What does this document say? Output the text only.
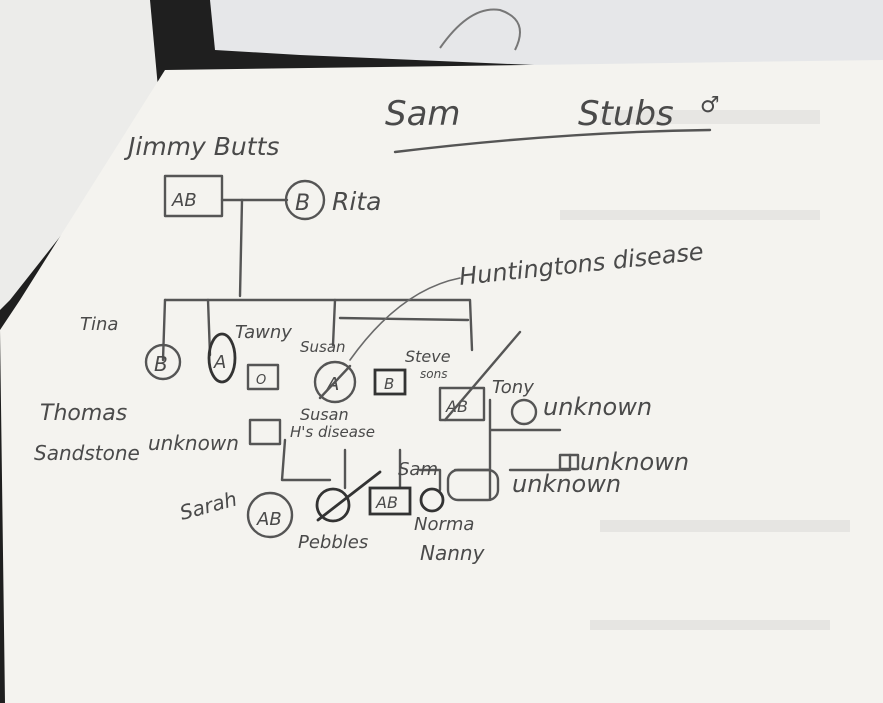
Sam	Stubs ♂
Jimmy Butts
AB	B Rita
Huntingtons disease
Tina
B
Tawny
A
O
Susan
A	B
Steve
sons
AB
Tony
unknown
Thomas
Sandstone unknown
Susan
H's disease
unknown
unknown
Sarah AB
Pebbles
Sam
AB
Norma
Nanny
